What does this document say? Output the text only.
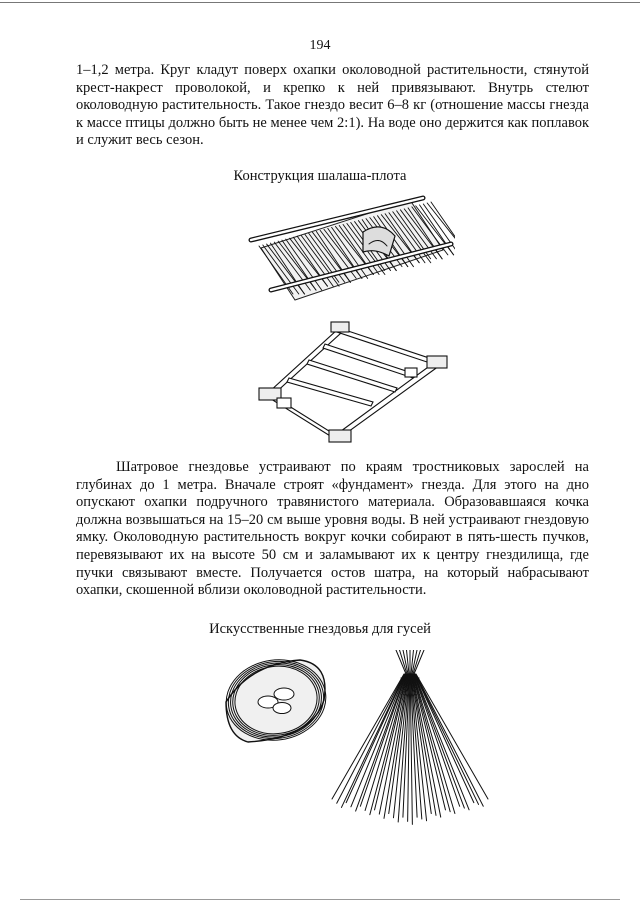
194

1–1,2 метра. Круг кладут поверх охапки околоводной растительности, стянутой крест-накрест проволокой, и крепко к ней привязывают. Внутрь стелют околоводную растительность. Такое гнездо весит 6–8 кг (отношение массы гнезда к массе птицы должно быть не менее чем 2:1). На воде оно держится как поплавок и служит весь сезон.

Конструкция шалаша-плота

Шатровое гнездовье устраивают по краям тростниковых зарослей на глубинах до 1 метра. Вначале строят «фундамент» гнезда. Для этого на дно опускают охапки подручного травянистого материала. Образовавшаяся кочка должна возвышаться на 15–20 см выше уровня воды. В ней устраивают гнездовую ямку. Околоводную растительность вокруг кочки собирают в пять-шесть пучков, перевязывают их на высоте 50 см и заламывают их к центру гнездилища, где пучки связывают вместе. Получается остов шатра, на который набрасывают охапки, скошенной вблизи околоводной растительности.

Искусственные гнездовья для гусей
